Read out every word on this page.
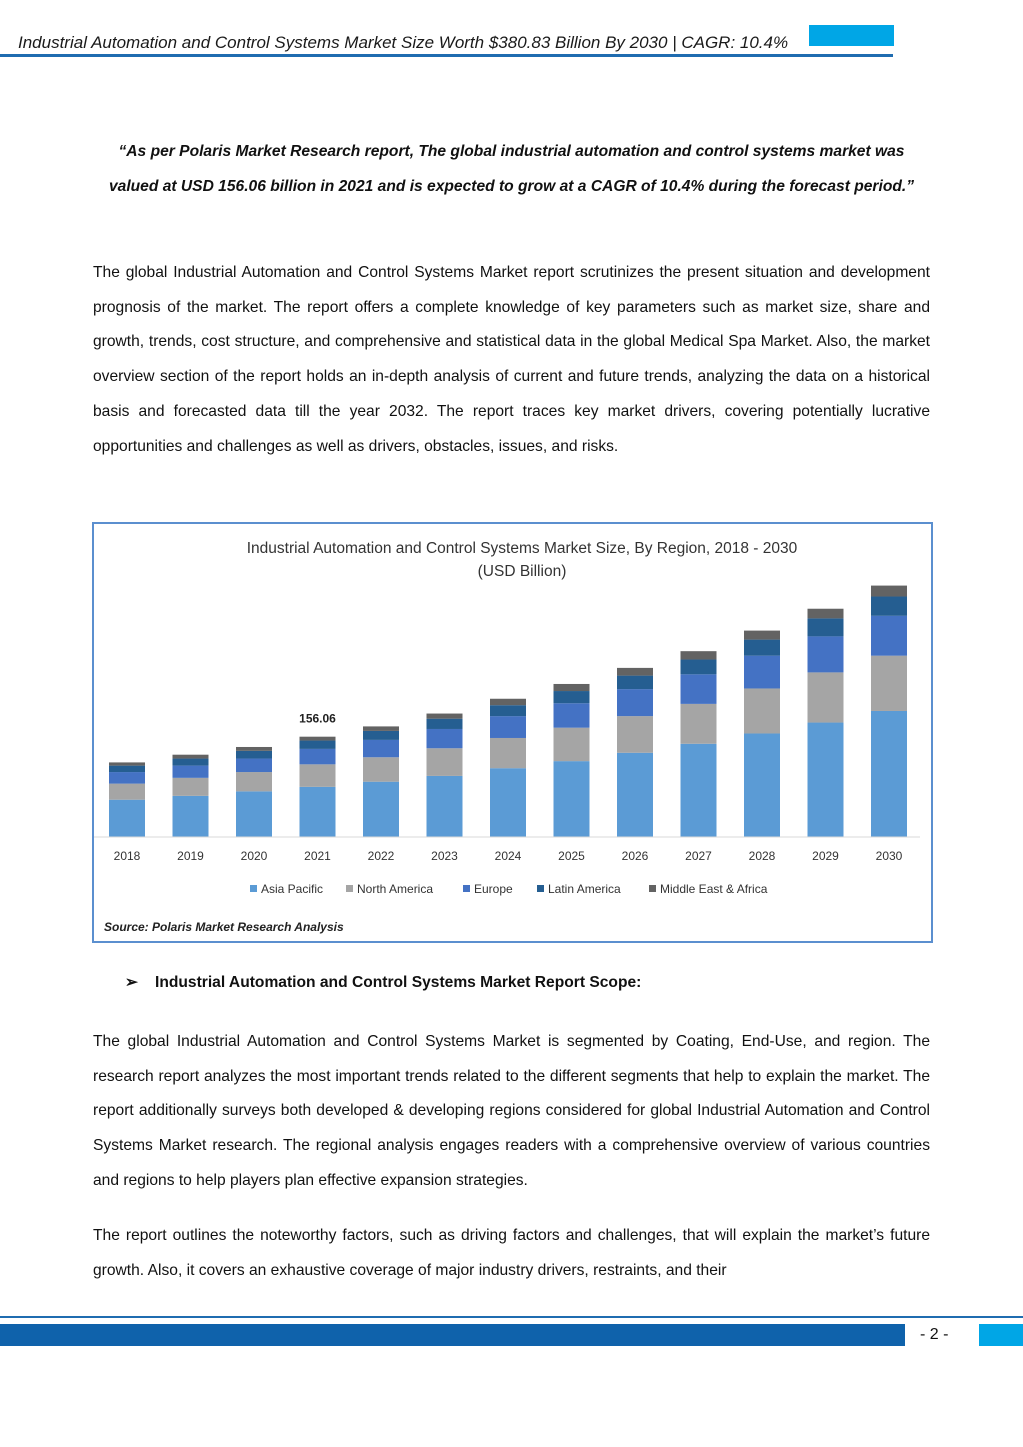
Industrial Automation and Control Systems Market Size Worth $380.83 Billion By 2030 | CAGR: 10.4%
“As per Polaris Market Research report, The global industrial automation and control systems market was valued at USD 156.06 billion in 2021 and is expected to grow at a CAGR of 10.4% during the forecast period.”
The global Industrial Automation and Control Systems Market report scrutinizes the present situation and development prognosis of the market. The report offers a complete knowledge of key parameters such as market size, share and growth, trends, cost structure, and comprehensive and statistical data in the global Medical Spa Market. Also, the market overview section of the report holds an in-depth analysis of current and future trends, analyzing the data on a historical basis and forecasted data till the year 2032. The report traces key market drivers, covering potentially lucrative opportunities and challenges as well as drivers, obstacles, issues, and risks.
Industrial Automation and Control Systems Market Size, By Region, 2018 - 2030
(USD Billion)
2018	2019	2020	2021	2022	2023	2024	2025	2026	2027	2028	2029	2030
156.06
Asia Pacific	North America	Europe	Latin America	Middle East & Africa
Source: Polaris Market Research Analysis
➢ Industrial Automation and Control Systems Market Report Scope:
The global Industrial Automation and Control Systems Market is segmented by Coating, End-Use, and region. The research report analyzes the most important trends related to the different segments that help to explain the market. The report additionally surveys both developed & developing regions considered for global Industrial Automation and Control Systems Market research. The regional analysis engages readers with a comprehensive overview of various countries and regions to help players plan effective expansion strategies.
The report outlines the noteworthy factors, such as driving factors and challenges, that will explain the market’s future growth. Also, it covers an exhaustive coverage of major industry drivers, restraints, and their
- 2 -
